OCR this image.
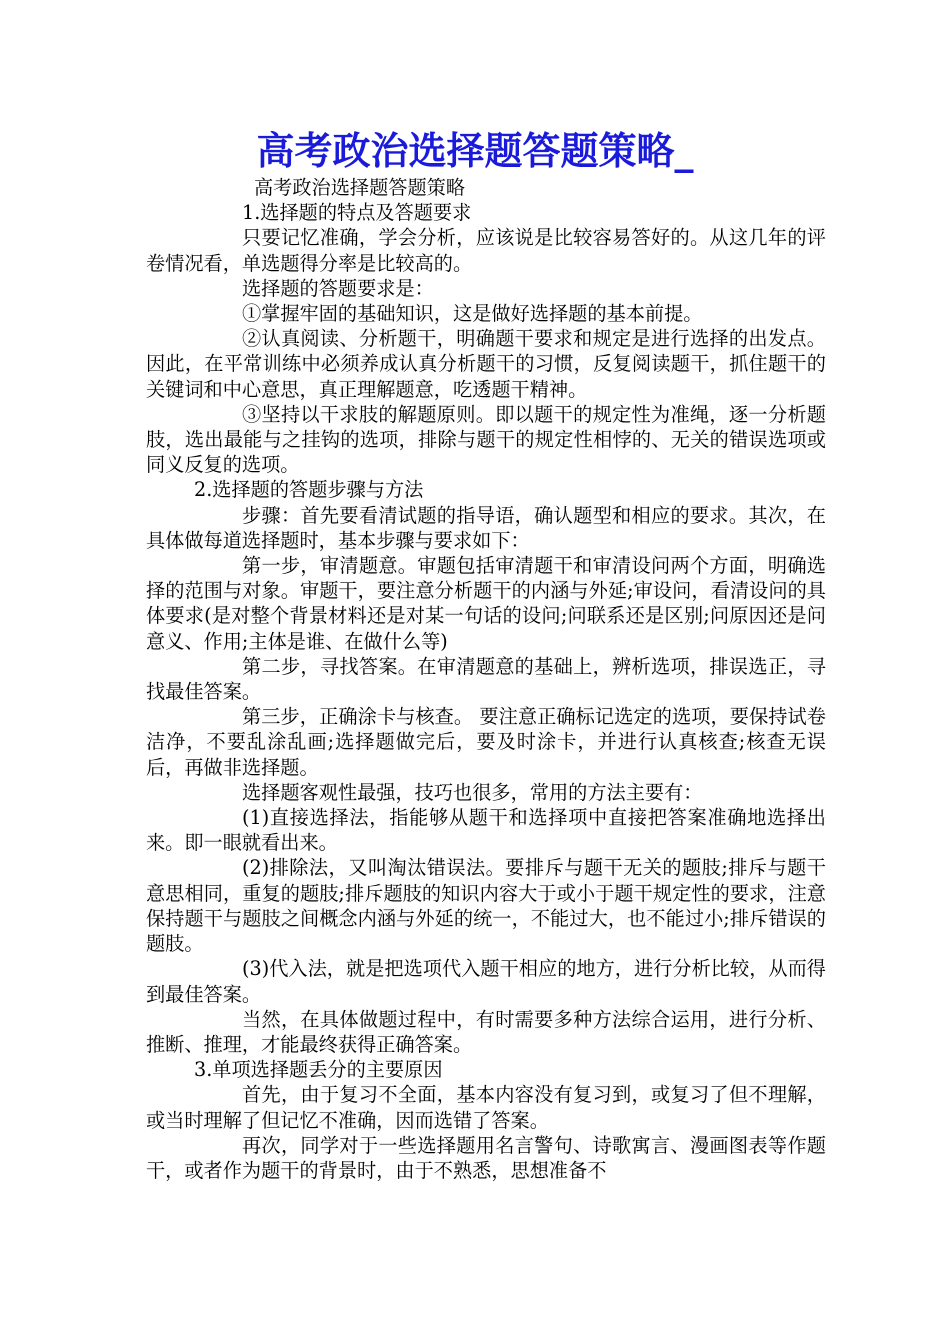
高考政治选择题答题策略_

高考政治选择题答题策略

1.选择题的特点及答题要求

只要记忆准确，学会分析，应该说是比较容易答好的。从这几年的评卷情况看，单选题得分率是比较高的。

选择题的答题要求是：

①掌握牢固的基础知识，这是做好选择题的基本前提。

②认真阅读、分析题干，明确题干要求和规定是进行选择的出发点。因此，在平常训练中必须养成认真分析题干的习惯，反复阅读题干，抓住题干的关键词和中心意思，真正理解题意，吃透题干精神。

③坚持以干求肢的解题原则。即以题干的规定性为准绳，逐一分析题肢，选出最能与之挂钩的选项，排除与题干的规定性相悖的、无关的错误选项或同义反复的选项。

2.选择题的答题步骤与方法

步骤：首先要看清试题的指导语，确认题型和相应的要求。其次，在具体做每道选择题时，基本步骤与要求如下：

第一步，审清题意。审题包括审清题干和审清设问两个方面，明确选择的范围与对象。审题干，要注意分析题干的内涵与外延;审设问，看清设问的具体要求(是对整个背景材料还是对某一句话的设问;问联系还是区别;问原因还是问意义、作用;主体是谁、在做什么等)

第二步，寻找答案。在审清题意的基础上，辨析选项，排误选正，寻找最佳答案。

第三步，正确涂卡与核查。 要注意正确标记选定的选项，要保持试卷洁净，不要乱涂乱画;选择题做完后，要及时涂卡，并进行认真核查;核查无误后，再做非选择题。

选择题客观性最强，技巧也很多，常用的方法主要有：

(1)直接选择法，指能够从题干和选择项中直接把答案准确地选择出来。即一眼就看出来。

(2)排除法，又叫淘汰错误法。要排斥与题干无关的题肢;排斥与题干意思相同，重复的题肢;排斥题肢的知识内容大于或小于题干规定性的要求，注意保持题干与题肢之间概念内涵与外延的统一，不能过大，也不能过小;排斥错误的题肢。

(3)代入法，就是把选项代入题干相应的地方，进行分析比较，从而得到最佳答案。

当然，在具体做题过程中，有时需要多种方法综合运用，进行分析、推断、推理，才能最终获得正确答案。

3.单项选择题丢分的主要原因

首先，由于复习不全面，基本内容没有复习到，或复习了但不理解，或当时理解了但记忆不准确，因而选错了答案。

再次，同学对于一些选择题用名言警句、诗歌寓言、漫画图表等作题干，或者作为题干的背景时，由于不熟悉，思想准备不
